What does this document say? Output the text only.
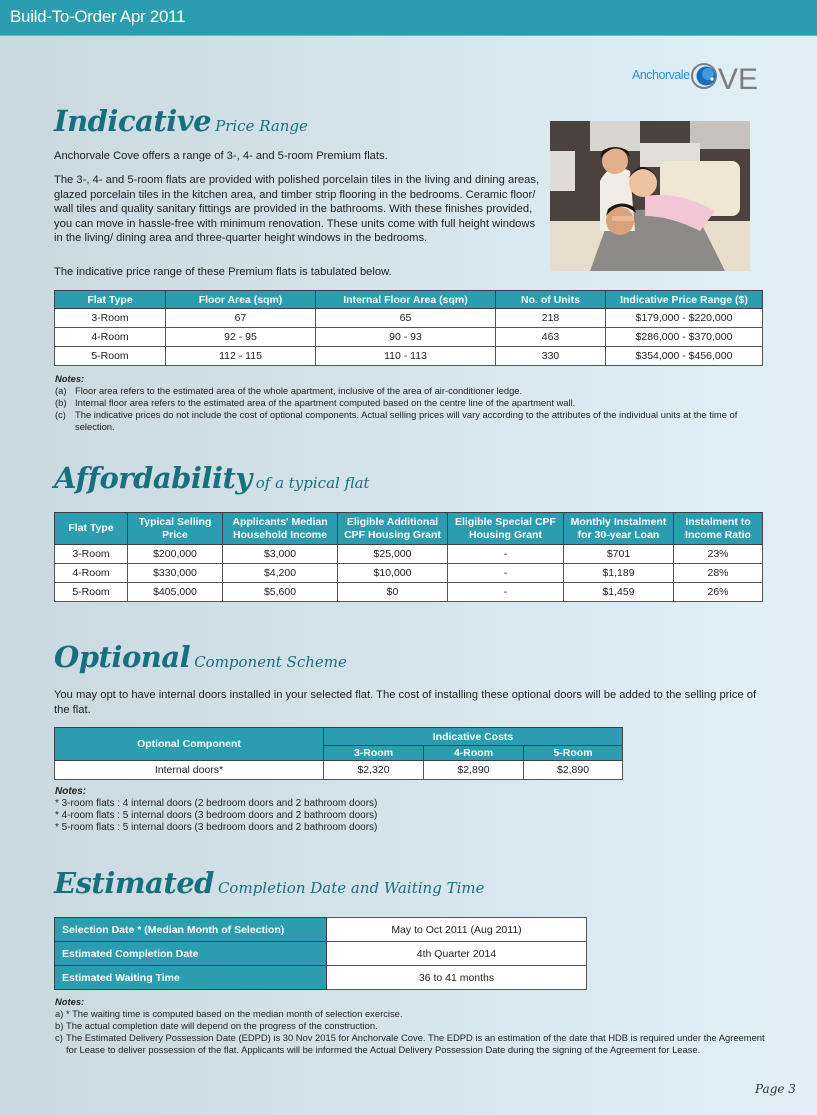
Build-To-Order Apr 2011
Anchorvale VE
Indicative Price Range

Anchorvale Cove offers a range of 3-, 4- and 5-room Premium flats.

The 3-, 4- and 5-room flats are provided with polished porcelain tiles in the living and dining areas, glazed porcelain tiles in the kitchen area, and timber strip flooring in the bedrooms. Ceramic floor/ wall tiles and quality sanitary fittings are provided in the bathrooms. With these finishes provided, you can move in hassle-free with minimum renovation. These units come with full height windows in the living/ dining area and three-quarter height windows in the bedrooms.

The indicative price range of these Premium flats is tabulated below.

Flat Type	Floor Area (sqm)	Internal Floor Area (sqm)	No. of Units	Indicative Price Range ($)
3-Room	67	65	218	$179,000 - $220,000
4-Room	92 - 95	90 - 93	463	$286,000 - $370,000
5-Room	112 - 115	110 - 113	330	$354,000 - $456,000
Notes:
(a) Floor area refers to the estimated area of the whole apartment, inclusive of the area of air-conditioner ledge.
(b) Internal floor area refers to the estimated area of the apartment computed based on the centre line of the apartment wall.
(c) The indicative prices do not include the cost of optional components. Actual selling prices will vary according to the attributes of the individual units at the time of selection.
Affordability of a typical flat
Flat Type	Typical Selling Price	Applicants' Median Household Income	Eligible Additional CPF Housing Grant	Eligible Special CPF Housing Grant	Monthly Instalment for 30-year Loan	Instalment to Income Ratio
3-Room	$200,000	$3,000	$25,000	-	$701	23%
4-Room	$330,000	$4,200	$10,000	-	$1,189	28%
5-Room	$405,000	$5,600	$0	-	$1,459	26%
Optional Component Scheme

You may opt to have internal doors installed in your selected flat. The cost of installing these optional doors will be added to the selling price of the flat.

Optional Component	Indicative Costs		
	3-Room	4-Room	5-Room
Internal doors*	$2,320	$2,890	$2,890
Notes:
* 3-room flats : 4 internal doors (2 bedroom doors and 2 bathroom doors)
* 4-room flats : 5 internal doors (3 bedroom doors and 2 bathroom doors)
* 5-room flats : 5 internal doors (3 bedroom doors and 2 bathroom doors)
Estimated Completion Date and Waiting Time
Selection Date * (Median Month of Selection)	May to Oct 2011 (Aug 2011)
Estimated Completion Date	4th Quarter 2014
Estimated Waiting Time	36 to 41 months
Notes:
a) * The waiting time is computed based on the median month of selection exercise.
b) The actual completion date will depend on the progress of the construction.
c) The Estimated Delivery Possession Date (EDPD) is 30 Nov 2015 for Anchorvale Cove. The EDPD is an estimation of the date that HDB is required under the Agreement for Lease to deliver possession of the flat. Applicants will be informed the Actual Delivery Possession Date during the signing of the Agreement for Lease.
Page 3
